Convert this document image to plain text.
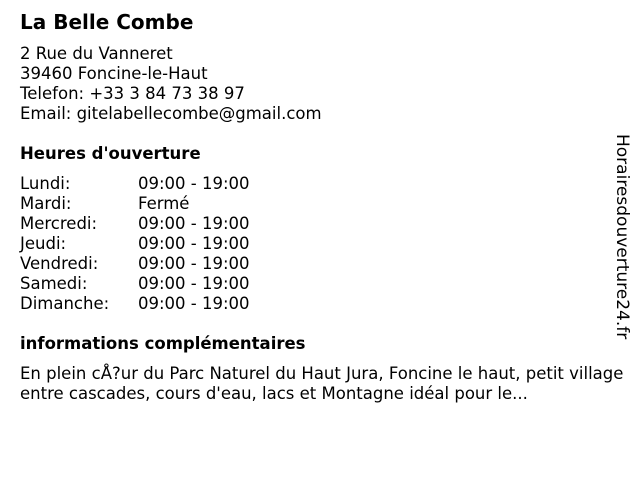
La Belle Combe
2 Rue du Vanneret
39460 Foncine-le-Haut
Telefon: +33 3 84 73 38 97
Email: gitelabellecombe@gmail.com
Heures d'ouverture
Lundi:	09:00 - 19:00
Mardi:	Fermé
Mercredi:	09:00 - 19:00
Jeudi:	09:00 - 19:00
Vendredi:	09:00 - 19:00
Samedi:	09:00 - 19:00
Dimanche:	09:00 - 19:00
informations complémentaires
En plein cÅ?ur du Parc Naturel du Haut Jura, Foncine le haut, petit village entre cascades, cours d'eau, lacs et Montagne idéal pour le...
Horairesdouverture24.fr
